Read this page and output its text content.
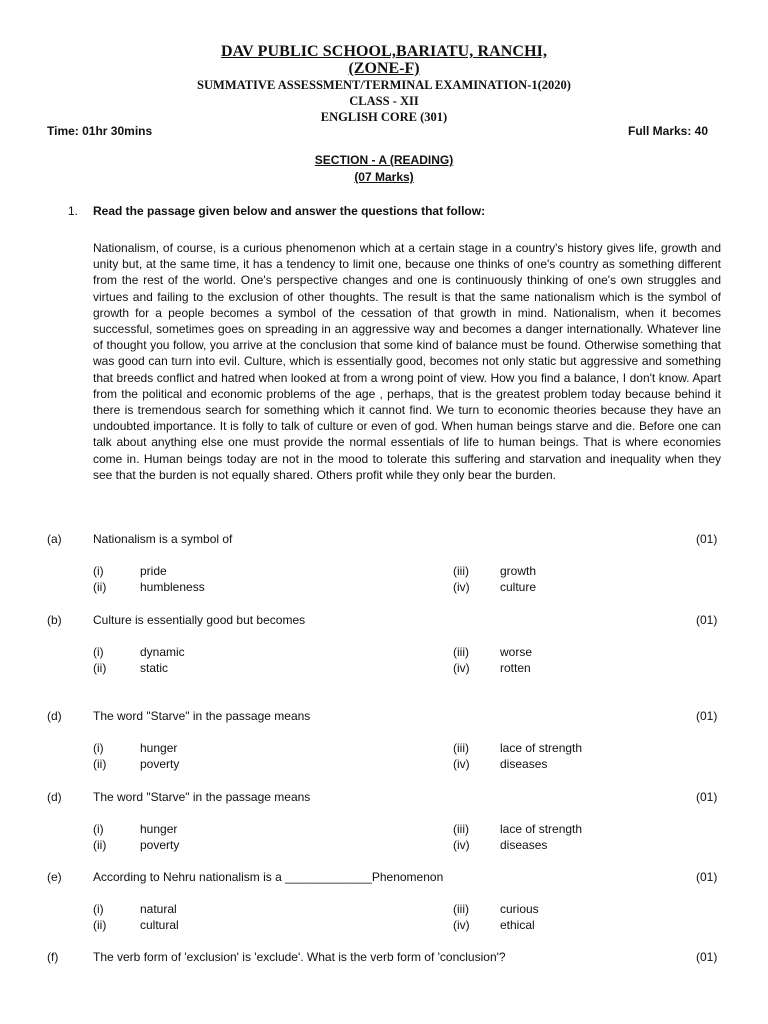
DAV PUBLIC SCHOOL,BARIATU, RANCHI,
(ZONE-F)
SUMMATIVE ASSESSMENT/TERMINAL EXAMINATION-1(2020)
CLASS - XII
ENGLISH CORE (301)
Time: 01hr 30mins	Full Marks: 40
SECTION - A (READING)
(07 Marks)
1. Read the passage given below and answer the questions that follow:
Nationalism, of course, is a curious phenomenon which at a certain stage in a country's history gives life, growth and unity but, at the same time, it has a tendency to limit one, because one thinks of one's country as something different from the rest of the world. One's perspective changes and one is continuously thinking of one's own struggles and virtues and failing to the exclusion of other thoughts. The result is that the same nationalism which is the symbol of growth for a people becomes a symbol of the cessation of that growth in mind. Nationalism, when it becomes successful, sometimes goes on spreading in an aggressive way and becomes a danger internationally. Whatever line of thought you follow, you arrive at the conclusion that some kind of balance must be found. Otherwise something that was good can turn into evil. Culture, which is essentially good, becomes not only static but aggressive and something that breeds conflict and hatred when looked at from a wrong point of view. How you find a balance, I don't know. Apart from the political and economic problems of the age , perhaps, that is the greatest problem today because behind it there is tremendous search for something which it cannot find. We turn to economic theories because they have an undoubted importance. It is folly to talk of culture or even of god. When human beings starve and die. Before one can talk about anything else one must provide the normal essentials of life to human beings. That is where economies come in. Human beings today are not in the mood to tolerate this suffering and starvation and inequality when they see that the burden is not equally shared. Others profit while they only bear the burden.
(a)	Nationalism is a symbol of	(01)
(i)	pride
(ii)	humbleness
(iii)	growth
(iv)	culture
(b)	Culture is essentially good but becomes	(01)
(i)	dynamic
(ii)	static
(iii)	worse
(iv)	rotten
(d)	The word "Starve" in the passage means	(01)
(i)	hunger
(ii)	poverty
(iii)	lace of strength
(iv)	diseases
(d)	The word "Starve" in the passage means	(01)
(i)	hunger
(ii)	poverty
(iii)	lace of strength
(iv)	diseases
(e)	According to Nehru nationalism is a _____________Phenomenon	(01)
(i)	natural
(ii)	cultural
(iii)	curious
(iv)	ethical
(f)	The verb form of 'exclusion' is 'exclude'. What is the verb form of 'conclusion'?	(01)
